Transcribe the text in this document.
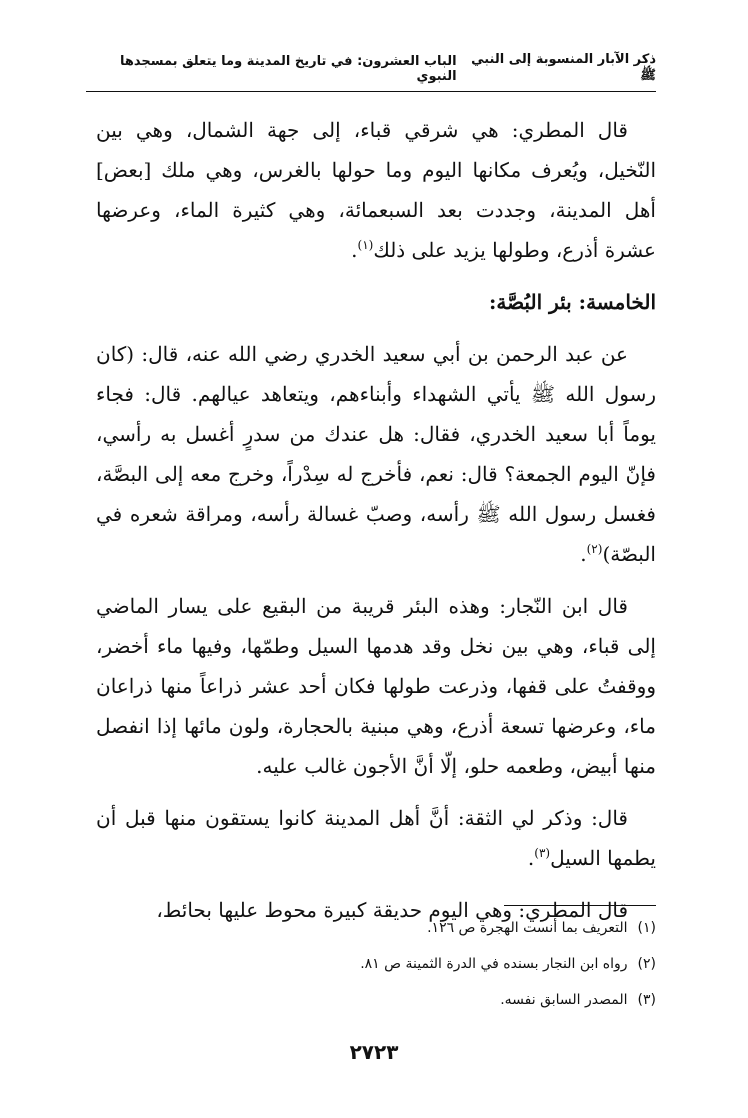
ذكر الآبار المنسوبة إلى النبي ﷺ
الباب العشرون: في تاريخ المدينة وما يتعلق بمسجدها النبوي

قال المطري: هي شرقي قباء، إلى جهة الشمال، وهي بين النّخيل، ويُعرف مكانها اليوم وما حولها بالغرس، وهي ملك [بعض] أهل المدينة، وجددت بعد السبعمائة، وهي كثيرة الماء، وعرضها عشرة أذرع، وطولها يزيد على ذلك$^{(١)}$.

الخامسة: بئر البُصَّة:

عن عبد الرحمن بن أبي سعيد الخدري رضي الله عنه، قال: (كان رسول الله ﷺ يأتي الشهداء وأبناءهم، ويتعاهد عيالهم. قال: فجاء يوماً أبا سعيد الخدري، فقال: هل عندك من سدرٍ أغسل به رأسي، فإنّ اليوم الجمعة؟ قال: نعم، فأخرج له سِدْراً، وخرج معه إلى البصَّة، فغسل رسول الله ﷺ رأسه، وصبّ غسالة رأسه، ومراقة شعره في البصّة)$^{(٢)}$.

قال ابن النّجار: وهذه البئر قريبة من البقيع على يسار الماضي إلى قباء، وهي بين نخل وقد هدمها السيل وطمّها، وفيها ماء أخضر، ووقفتُ على قفها، وذرعت طولها فكان أحد عشر ذراعاً منها ذراعان ماء، وعرضها تسعة أذرع، وهي مبنية بالحجارة، ولون مائها إذا انفصل منها أبيض، وطعمه حلو، إلّا أنَّ الأجون غالب عليه.

قال: وذكر لي الثقة: أنَّ أهل المدينة كانوا يستقون منها قبل أن يطمها السيل$^{(٣)}$.

قال المطري: وهي اليوم حديقة كبيرة محوط عليها بحائط،

(١)التعريف بما أنست الهجرة ص ١٢٦.
(٢)رواه ابن النجار بسنده في الدرة الثمينة ص ٨١.
(٣)المصدر السابق نفسه.
٢٧٢٣
